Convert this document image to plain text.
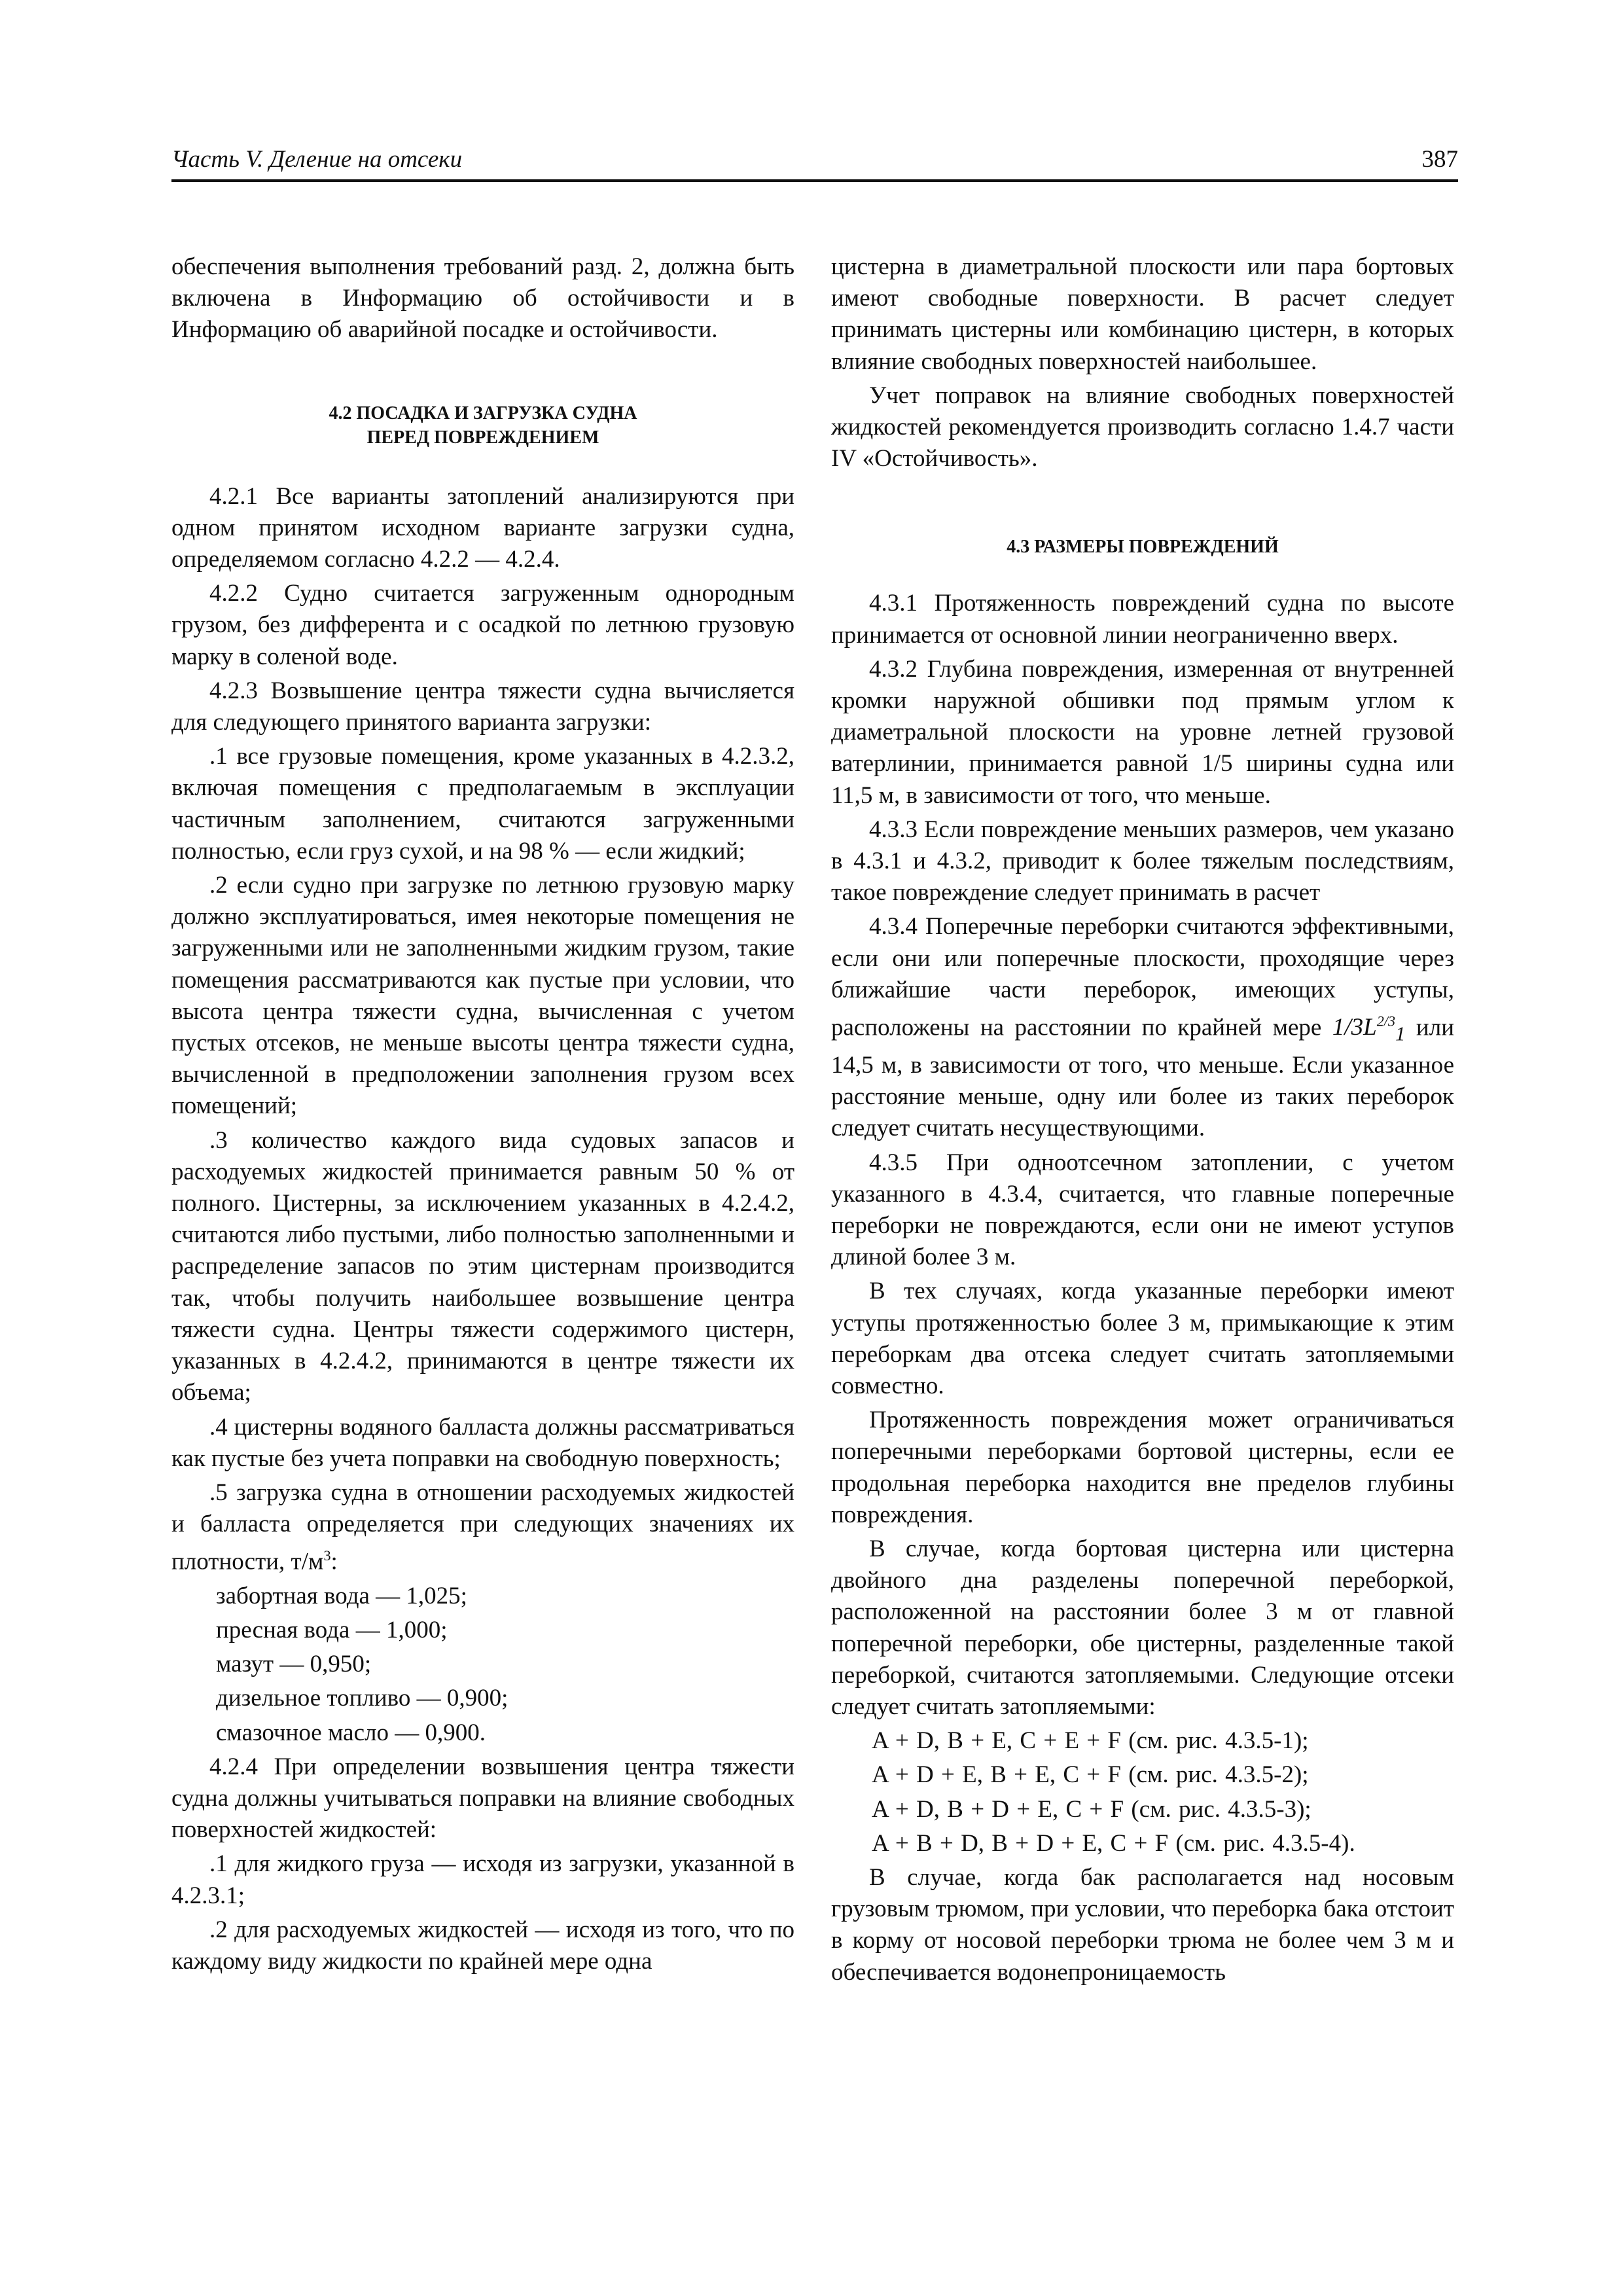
Часть V. Деление на отсеки	387

обеспечения выполнения требований разд. 2, должна быть включена в Информацию об остойчивости и в Информацию об аварийной посадке и остойчивости.

4.2 ПОСАДКА И ЗАГРУЗКА СУДНА
ПЕРЕД ПОВРЕЖДЕНИЕМ

4.2.1 Все варианты затоплений анализируются при одном принятом исходном варианте загрузки судна, определяемом согласно 4.2.2 — 4.2.4.

4.2.2 Судно считается загруженным однородным грузом, без дифферента и с осадкой по летнюю грузовую марку в соленой воде.

4.2.3 Возвышение центра тяжести судна вычисляется для следующего принятого варианта загрузки:

.1 все грузовые помещения, кроме указанных в 4.2.3.2, включая помещения с предполагаемым в эксплуации частичным заполнением, считаются загруженными полностью, если груз сухой, и на 98 % — если жидкий;

.2 если судно при загрузке по летнюю грузовую марку должно эксплуатироваться, имея некоторые помещения не загруженными или не заполненными жидким грузом, такие помещения рассматриваются как пустые при условии, что высота центра тяжести судна, вычисленная с учетом пустых отсеков, не меньше высоты центра тяжести судна, вычисленной в предположении заполнения грузом всех помещений;

.3 количество каждого вида судовых запасов и расходуемых жидкостей принимается равным 50 % от полного. Цистерны, за исключением указанных в 4.2.4.2, считаются либо пустыми, либо полностью заполненными и распределение запасов по этим цистернам производится так, чтобы получить наибольшее возвышение центра тяжести судна. Центры тяжести содержимого цистерн, указанных в 4.2.4.2, принимаются в центре тяжести их объема;

.4 цистерны водяного балласта должны рассматриваться как пустые без учета поправки на свободную поверхность;

.5 загрузка судна в отношении расходуемых жидкостей и балласта определяется при следующих значениях их плотности, $т/м^3$:

забортная вода — 1,025;

пресная вода — 1,000;

мазут — 0,950;

дизельное топливо — 0,900;

смазочное масло — 0,900.

4.2.4 При определении возвышения центра тяжести судна должны учитываться поправки на влияние свободных поверхностей жидкостей:

.1 для жидкого груза — исходя из загрузки, указанной в 4.2.3.1;

.2 для расходуемых жидкостей — исходя из того, что по каждому виду жидкости по крайней мере одна

цистерна в диаметральной плоскости или пара бортовых имеют свободные поверхности. В расчет следует принимать цистерны или комбинацию цистерн, в которых влияние свободных поверхностей наибольшее.

Учет поправок на влияние свободных поверхностей жидкостей рекомендуется производить согласно 1.4.7 части IV «Остойчивость».

4.3 РАЗМЕРЫ ПОВРЕЖДЕНИЙ

4.3.1 Протяженность повреждений судна по высоте принимается от основной линии неограниченно вверх.

4.3.2 Глубина повреждения, измеренная от внутренней кромки наружной обшивки под прямым углом к диаметральной плоскости на уровне летней грузовой ватерлинии, принимается равной 1/5 ширины судна или 11,5 м, в зависимости от того, что меньше.

4.3.3 Если повреждение меньших размеров, чем указано в 4.3.1 и 4.3.2, приводит к более тяжелым последствиям, такое повреждение следует принимать в расчет

4.3.4 Поперечные переборки считаются эффективными, если они или поперечные плоскости, проходящие через ближайшие части переборок, имеющих уступы, расположены на расстоянии по крайней мере $1/3L^{2/3}_1$ или 14,5 м, в зависимости от того, что меньше. Если указанное расстояние меньше, одну или более из таких переборок следует считать несуществующими.

4.3.5 При одноотсечном затоплении, с учетом указанного в 4.3.4, считается, что главные поперечные переборки не повреждаются, если они не имеют уступов длиной более 3 м.

В тех случаях, когда указанные переборки имеют уступы протяженностью более 3 м, примыкающие к этим переборкам два отсека следует считать затопляемыми совместно.

Протяженность повреждения может ограничиваться поперечными переборками бортовой цистерны, если ее продольная переборка находится вне пределов глубины повреждения.

В случае, когда бортовая цистерна или цистерна двойного дна разделены поперечной переборкой, расположенной на расстоянии более 3 м от главной поперечной переборки, обе цистерны, разделенные такой переборкой, считаются затопляемыми. Следующие отсеки следует считать затопляемыми:

A + D, B + E, C + E + F (см. рис. 4.3.5-1);

A + D + E, B + E, C + F (см. рис. 4.3.5-2);

A + D, B + D + E, C + F (см. рис. 4.3.5-3);

A + B + D, B + D + E, C + F (см. рис. 4.3.5-4).

В случае, когда бак располагается над носовым грузовым трюмом, при условии, что переборка бака отстоит в корму от носовой переборки трюма не более чем 3 м и обеспечивается водонепроницаемость
